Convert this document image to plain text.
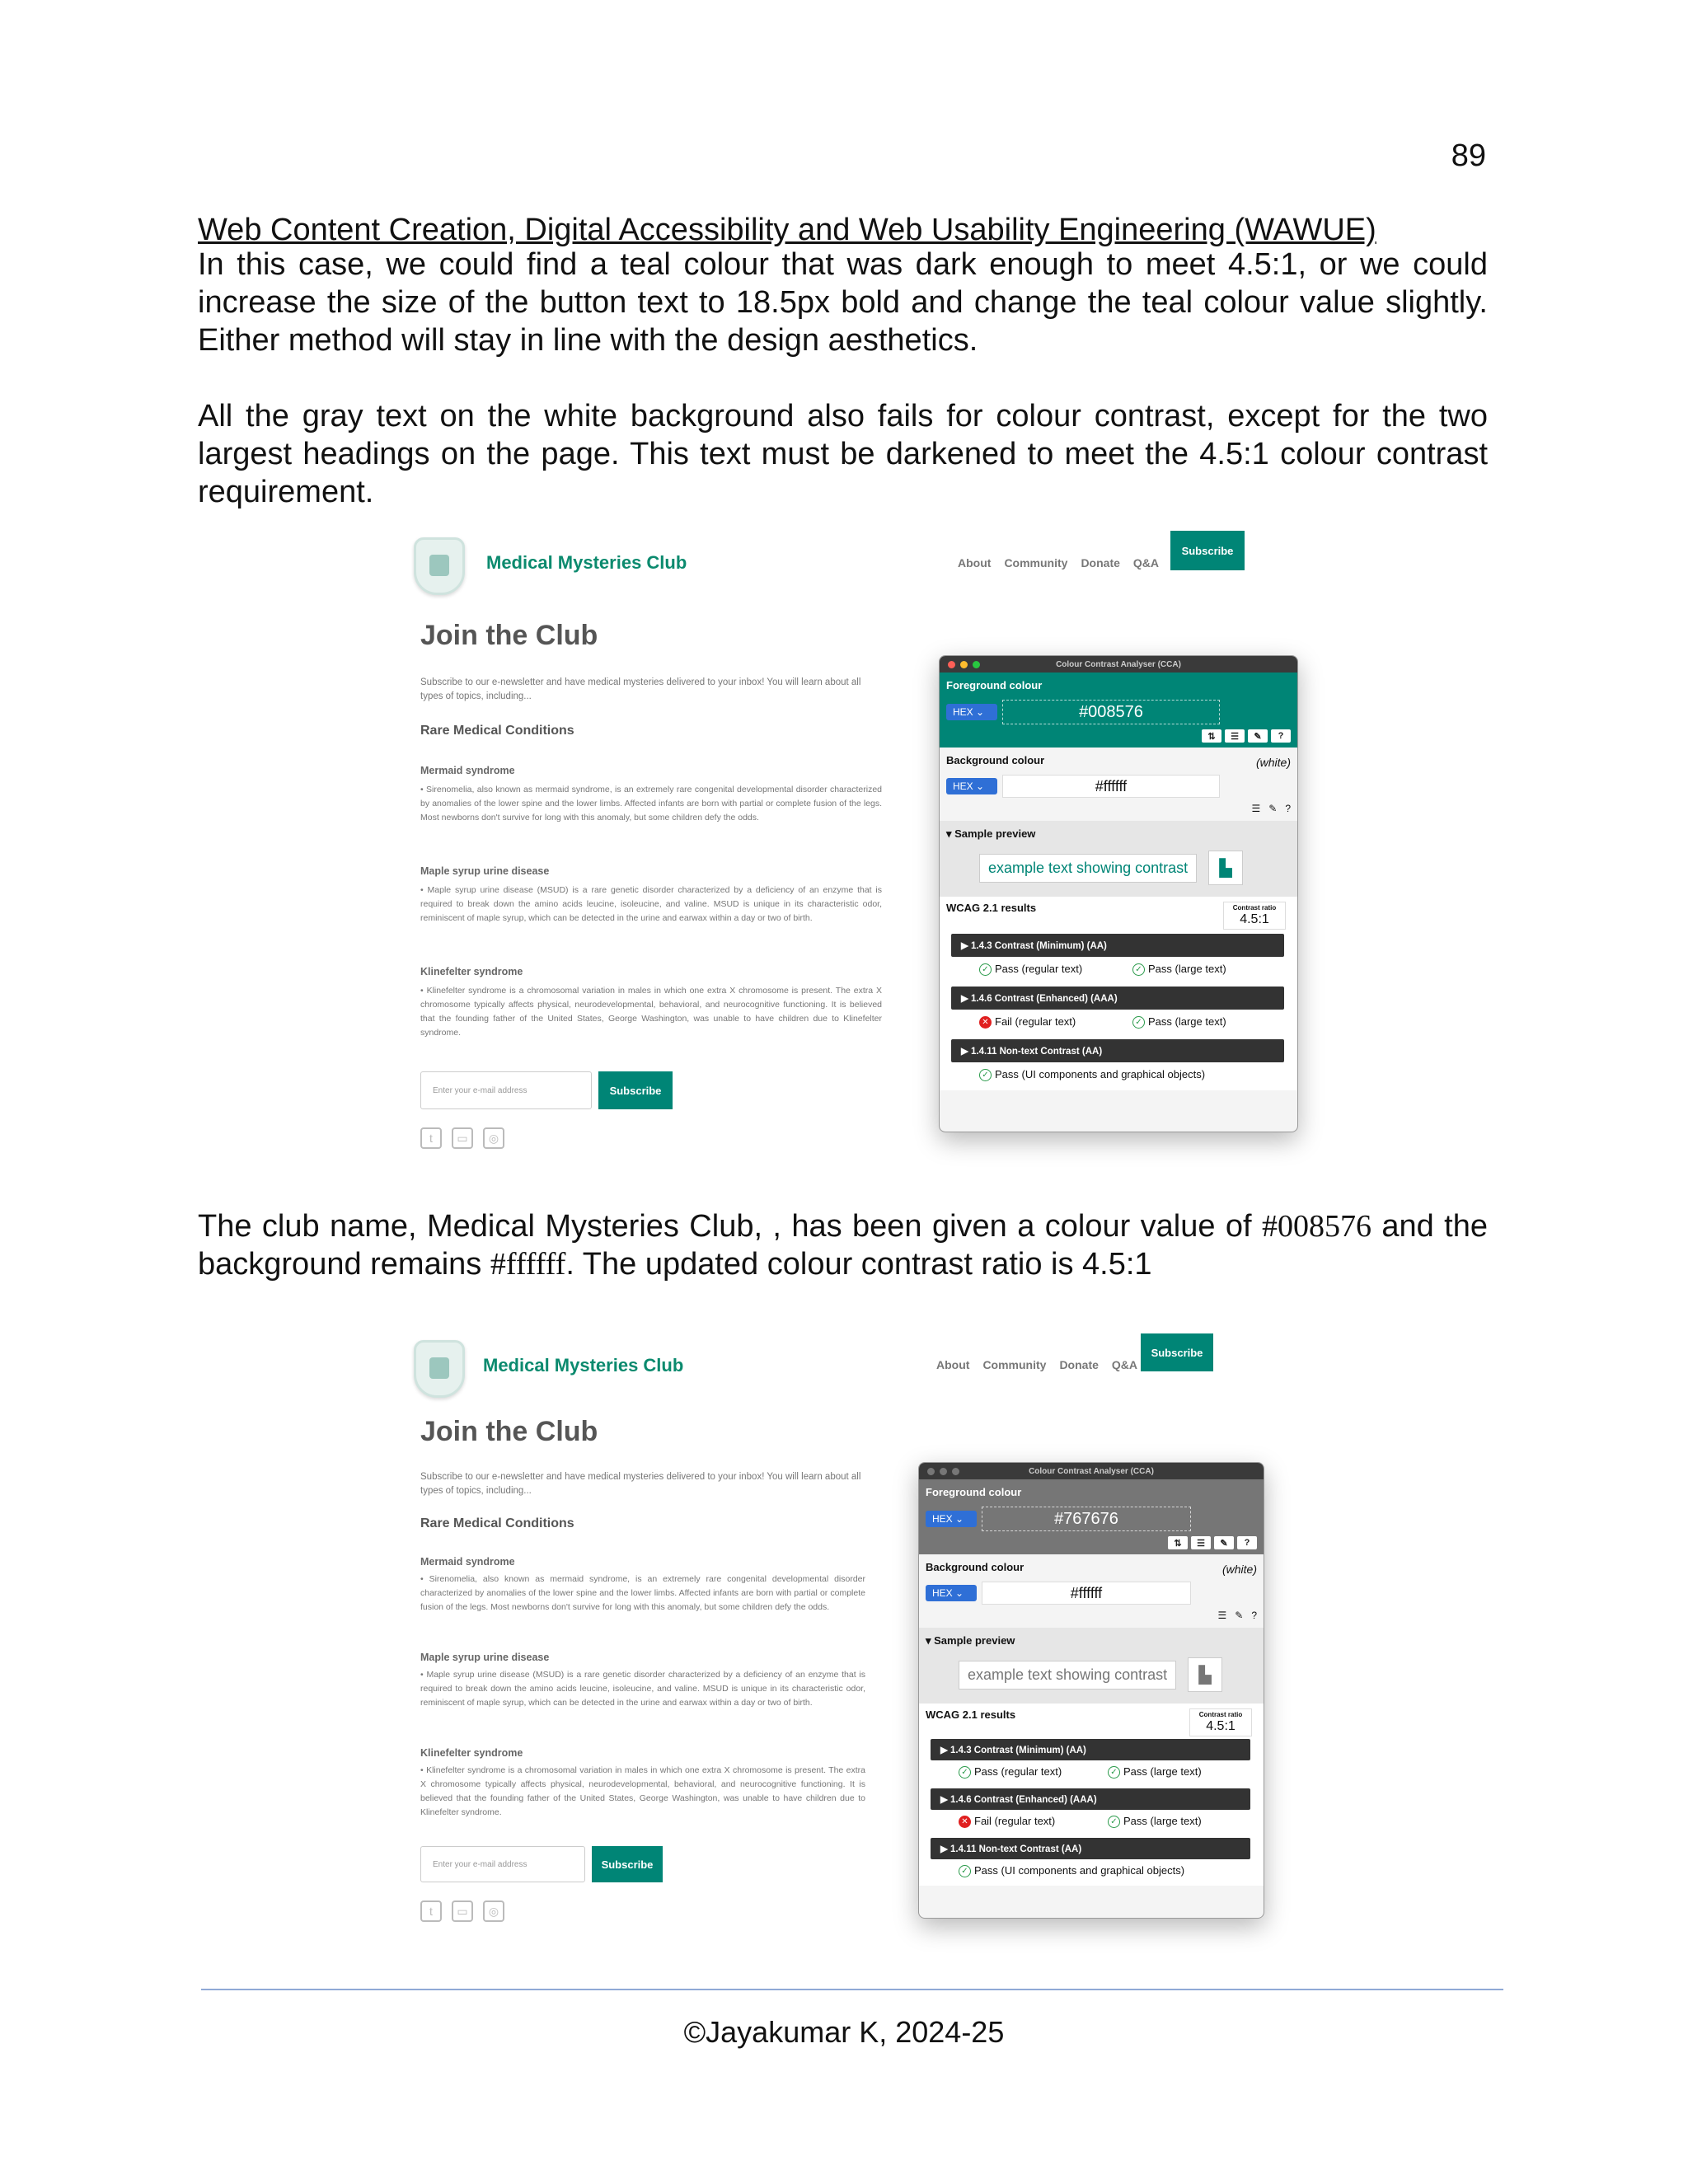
89
Web Content Creation, Digital Accessibility and Web Usability Engineering (WAWUE)
In this case, we could find a teal colour that was dark enough to meet 4.5:1, or we could increase the size of the button text to 18.5px bold and change the teal colour value slightly. Either method will stay in line with the design aesthetics.
All the gray text on the white background also fails for colour contrast, except for the two largest headings on the page. This text must be darkened to meet the 4.5:1 colour contrast requirement.
The club name, Medical Mysteries Club, , has been given a colour value of #008576 and the background remains #ffffff. The updated colour contrast ratio is 4.5:1
Medical Mysteries Club	About Community Donate Q&A
Subscribe
Join the Club
Subscribe to our e-newsletter and have medical mysteries delivered to your inbox! You will learn about all types of topics, including...
Rare Medical Conditions
Mermaid syndrome
• Sirenomelia, also known as mermaid syndrome, is an extremely rare congenital developmental disorder characterized by anomalies of the lower spine and the lower limbs. Affected infants are born with partial or complete fusion of the legs. Most newborns don't survive for long with this anomaly, but some children defy the odds.
Maple syrup urine disease
• Maple syrup urine disease (MSUD) is a rare genetic disorder characterized by a deficiency of an enzyme that is required to break down the amino acids leucine, isoleucine, and valine. MSUD is unique in its characteristic odor, reminiscent of maple syrup, which can be detected in the urine and earwax within a day or two of birth.
Klinefelter syndrome
• Klinefelter syndrome is a chromosomal variation in males in which one extra X chromosome is present. The extra X chromosome typically affects physical, neurodevelopmental, behavioral, and neurocognitive functioning. It is believed that the founding father of the United States, George Washington, was unable to have children due to Klinefelter syndrome.
Enter your e-mail address	Subscribe
t	▭	◎
Colour Contrast Analyser (CCA)
Foreground colour
HEX ⌄	#008576
⇅	☰	✎	?
Background colour	(white)
HEX ⌄	#ffffff
☰ ✎ ?
▾ Sample preview
example text showing contrast	▙
WCAG 2.1 results	Contrast ratio
4.5:1
▶ 1.4.3 Contrast (Minimum) (AA)
✓ Pass (regular text)	✓ Pass (large text)
▶ 1.4.6 Contrast (Enhanced) (AAA)
✕ Fail (regular text)	✓ Pass (large text)
▶ 1.4.11 Non-text Contrast (AA)
✓ Pass (UI components and graphical objects)
Medical Mysteries Club	About Community Donate Q&A
Subscribe
Join the Club
Subscribe to our e-newsletter and have medical mysteries delivered to your inbox! You will learn about all types of topics, including...
Rare Medical Conditions
Mermaid syndrome
• Sirenomelia, also known as mermaid syndrome, is an extremely rare congenital developmental disorder characterized by anomalies of the lower spine and the lower limbs. Affected infants are born with partial or complete fusion of the legs. Most newborns don't survive for long with this anomaly, but some children defy the odds.
Maple syrup urine disease
• Maple syrup urine disease (MSUD) is a rare genetic disorder characterized by a deficiency of an enzyme that is required to break down the amino acids leucine, isoleucine, and valine. MSUD is unique in its characteristic odor, reminiscent of maple syrup, which can be detected in the urine and earwax within a day or two of birth.
Klinefelter syndrome
• Klinefelter syndrome is a chromosomal variation in males in which one extra X chromosome is present. The extra X chromosome typically affects physical, neurodevelopmental, behavioral, and neurocognitive functioning. It is believed that the founding father of the United States, George Washington, was unable to have children due to Klinefelter syndrome.
Enter your e-mail address	Subscribe
t	▭	◎
Colour Contrast Analyser (CCA)
Foreground colour
HEX ⌄	#767676
⇅	☰	✎	?
Background colour	(white)
HEX ⌄	#ffffff
☰ ✎ ?
▾ Sample preview
example text showing contrast	▙
WCAG 2.1 results	Contrast ratio
4.5:1
▶ 1.4.3 Contrast (Minimum) (AA)
✓ Pass (regular text)	✓ Pass (large text)
▶ 1.4.6 Contrast (Enhanced) (AAA)
✕ Fail (regular text)	✓ Pass (large text)
▶ 1.4.11 Non-text Contrast (AA)
✓ Pass (UI components and graphical objects)
©Jayakumar K, 2024-25
